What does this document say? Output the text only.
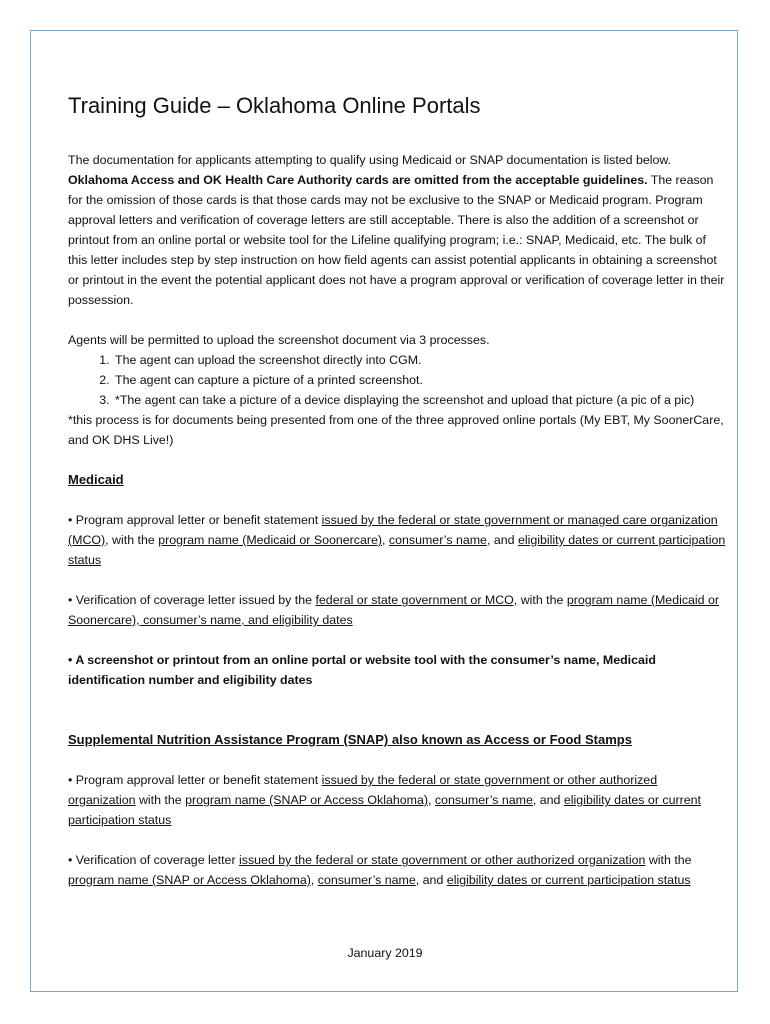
Training Guide – Oklahoma Online Portals

The documentation for applicants attempting to qualify using Medicaid or SNAP documentation is listed below. Oklahoma Access and OK Health Care Authority cards are omitted from the acceptable guidelines. The reason for the omission of those cards is that those cards may not be exclusive to the SNAP or Medicaid program. Program approval letters and verification of coverage letters are still acceptable. There is also the addition of a screenshot or printout from an online portal or website tool for the Lifeline qualifying program; i.e.: SNAP, Medicaid, etc. The bulk of this letter includes step by step instruction on how field agents can assist potential applicants in obtaining a screenshot or printout in the event the potential applicant does not have a program approval or verification of coverage letter in their possession.

Agents will be permitted to upload the screenshot document via 3 processes.

1. The agent can upload the screenshot directly into CGM.
2. The agent can capture a picture of a printed screenshot.
3. *The agent can take a picture of a device displaying the screenshot and upload that picture (a pic of a pic)

*this process is for documents being presented from one of the three approved online portals (My EBT, My SoonerCare, and OK DHS Live!)

Medicaid

• Program approval letter or benefit statement issued by the federal or state government or managed care organization (MCO), with the program name (Medicaid or Soonercare), consumer’s name, and eligibility dates or current participation status

• Verification of coverage letter issued by the federal or state government or MCO, with the program name (Medicaid or Soonercare), consumer’s name, and eligibility dates

• A screenshot or printout from an online portal or website tool with the consumer’s name, Medicaid identification number and eligibility dates

Supplemental Nutrition Assistance Program (SNAP) also known as Access or Food Stamps

• Program approval letter or benefit statement issued by the federal or state government or other authorized organization with the program name (SNAP or Access Oklahoma), consumer’s name, and eligibility dates or current participation status

• Verification of coverage letter issued by the federal or state government or other authorized organization with the program name (SNAP or Access Oklahoma), consumer’s name, and eligibility dates or current participation status

January 2019
